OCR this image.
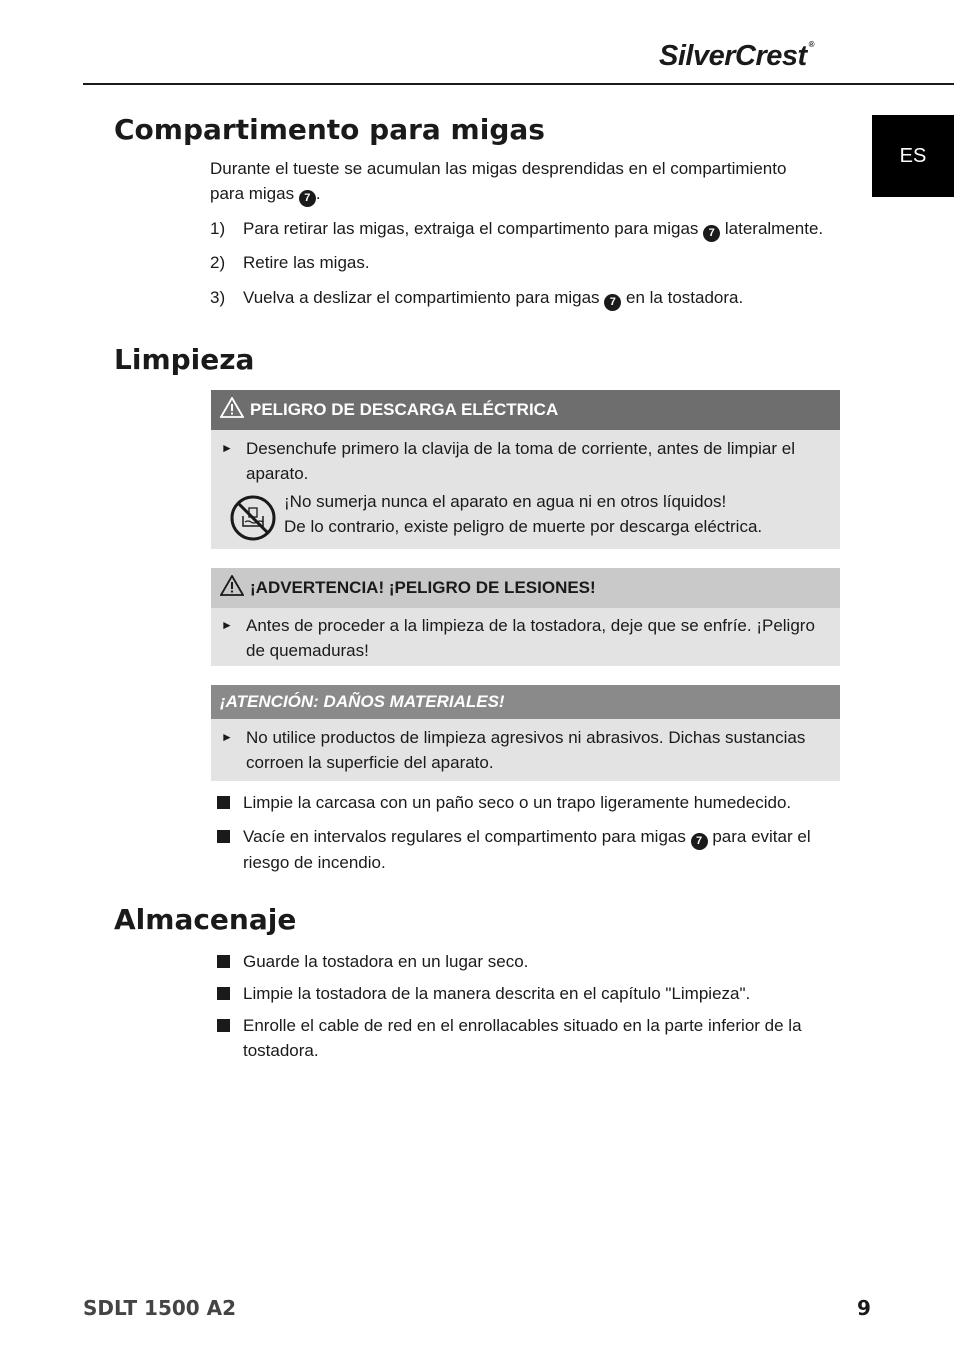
SilverCrest ®
ES
Compartimento para migas
Durante el tueste se acumulan las migas desprendidas en el compartimiento
para migas 7 .
1) Para retirar las migas, extraiga el compartimento para migas 7 lateralmente.
2) Retire las migas.
3) Vuelva a deslizar el compartimiento para migas 7 en la tostadora.
Limpieza
PELIGRO DE DESCARGA ELÉCTRICA
► Desenchufe primero la clavija de la toma de corriente, antes de limpiar el aparato.
¡No sumerja nunca el aparato en agua ni en otros líquidos!
De lo contrario, existe peligro de muerte por descarga eléctrica.
¡ADVERTENCIA! ¡PELIGRO DE LESIONES!
► Antes de proceder a la limpieza de la tostadora, deje que se enfríe. ¡Peligro de quemaduras!
¡ATENCIÓN: DAÑOS MATERIALES!
► No utilice productos de limpieza agresivos ni abrasivos. Dichas sustancias corroen la superficie del aparato.
Limpie la carcasa con un paño seco o un trapo ligeramente humedecido.
Vacíe en intervalos regulares el compartimento para migas 7 para evitar el riesgo de incendio.
Almacenaje
Guarde la tostadora en un lugar seco.
Limpie la tostadora de la manera descrita en el capítulo "Limpieza".
Enrolle el cable de red en el enrollacables situado en la parte inferior de la tostadora.
SDLT 1500 A2	9
